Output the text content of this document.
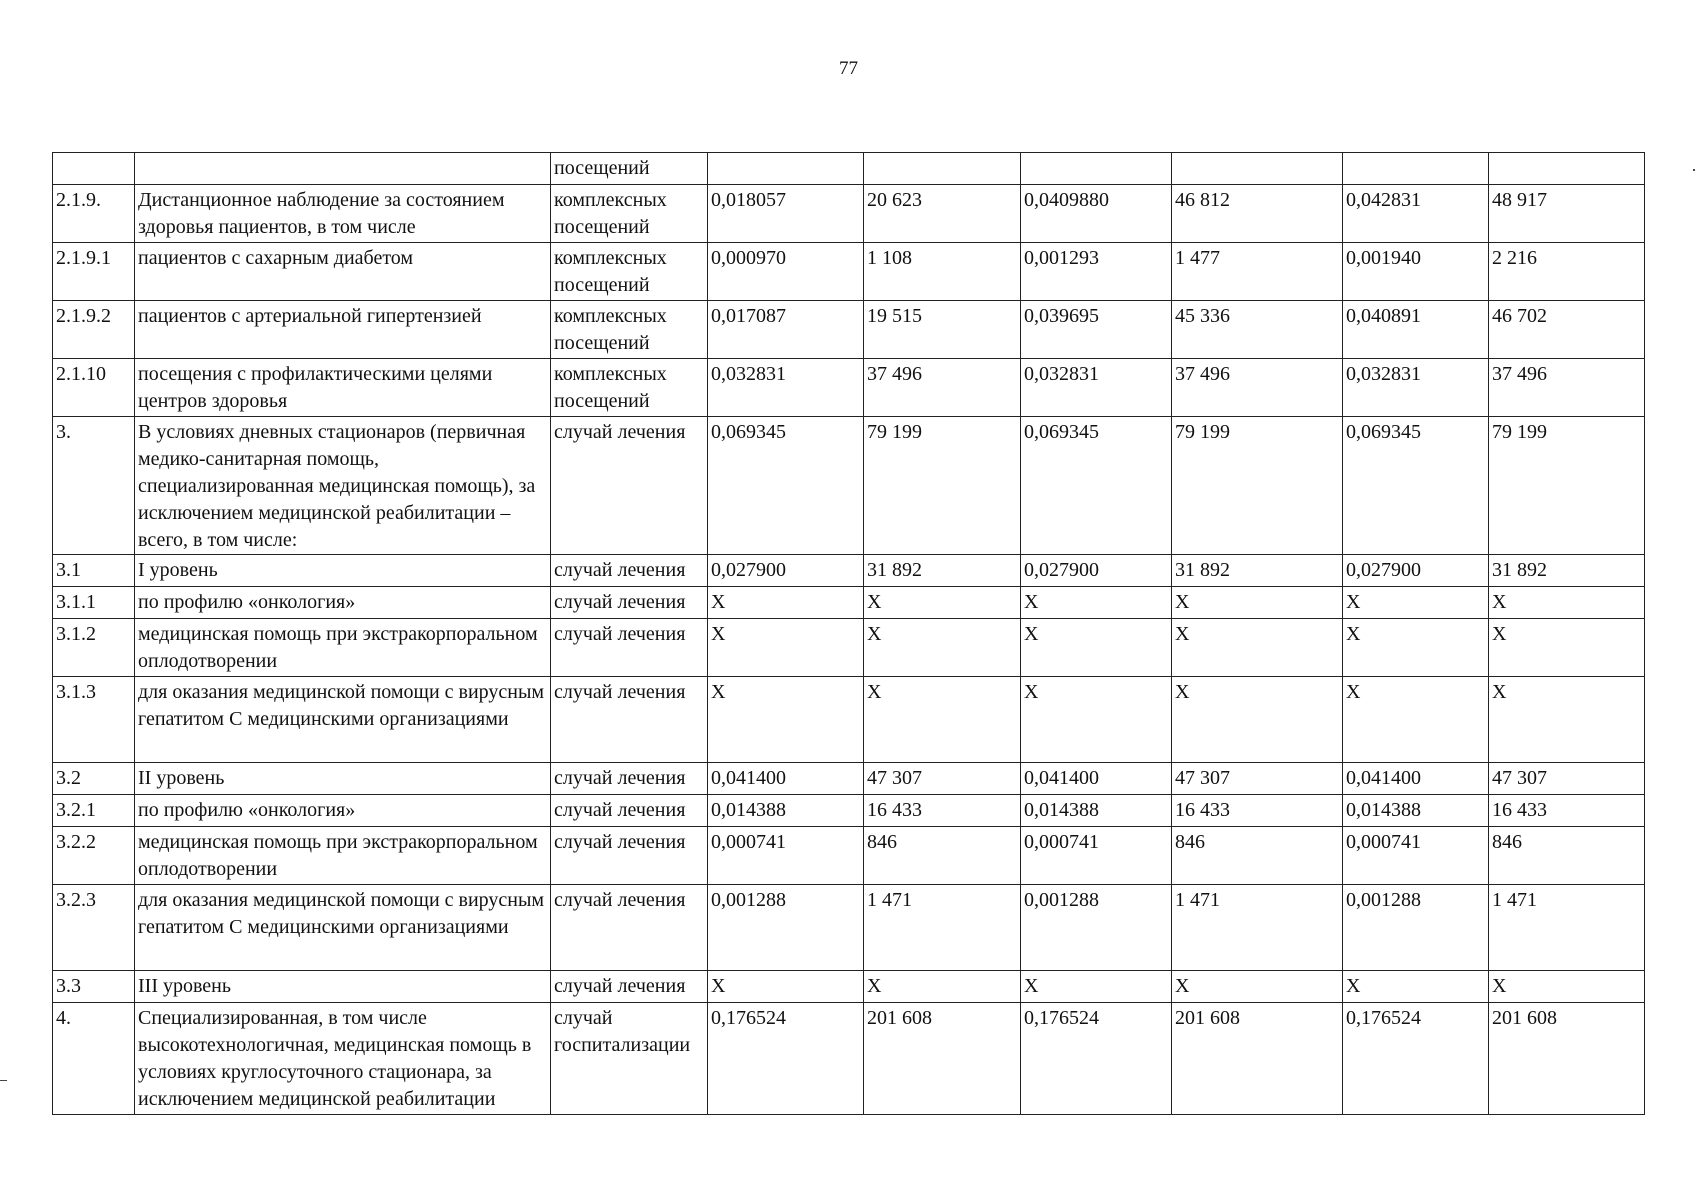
77
		посещений						
2.1.9.	Дистанционное наблюдение за состоянием здоровья пациентов, в том числе	комплексных посещений	0,018057	20 623	0,0409880	46 812	0,042831	48 917
2.1.9.1	пациентов с сахарным диабетом	комплексных посещений	0,000970	1 108	0,001293	1 477	0,001940	2 216
2.1.9.2	пациентов с артериальной гипертензией	комплексных посещений	0,017087	19 515	0,039695	45 336	0,040891	46 702
2.1.10	посещения с профилактическими целями центров здоровья	комплексных посещений	0,032831	37 496	0,032831	37 496	0,032831	37 496
3.	В условиях дневных стационаров (первичная медико-санитарная помощь, специализированная медицинская помощь), за исключением медицинской реабилитации – всего, в том числе:	случай лечения	0,069345	79 199	0,069345	79 199	0,069345	79 199
3.1	I уровень	случай лечения	0,027900	31 892	0,027900	31 892	0,027900	31 892
3.1.1	по профилю «онкология»	случай лечения	X	X	X	X	X	X
3.1.2	медицинская помощь при экстракорпоральном оплодотворении	случай лечения	X	X	X	X	X	X
3.1.3	для оказания медицинской помощи с вирусным гепатитом С медицинскими организациями	случай лечения	X	X	X	X	X	X
3.2	II уровень	случай лечения	0,041400	47 307	0,041400	47 307	0,041400	47 307
3.2.1	по профилю «онкология»	случай лечения	0,014388	16 433	0,014388	16 433	0,014388	16 433
3.2.2	медицинская помощь при экстракорпоральном оплодотворении	случай лечения	0,000741	846	0,000741	846	0,000741	846
3.2.3	для оказания медицинской помощи с вирусным гепатитом С медицинскими организациями	случай лечения	0,001288	1 471	0,001288	1 471	0,001288	1 471
3.3	III уровень	случай лечения	X	X	X	X	X	X
4.	Специализированная, в том числе высокотехнологичная, медицинская помощь в условиях круглосуточного стационара, за исключением медицинской реабилитации	случай госпитализации	0,176524	201 608	0,176524	201 608	0,176524	201 608
